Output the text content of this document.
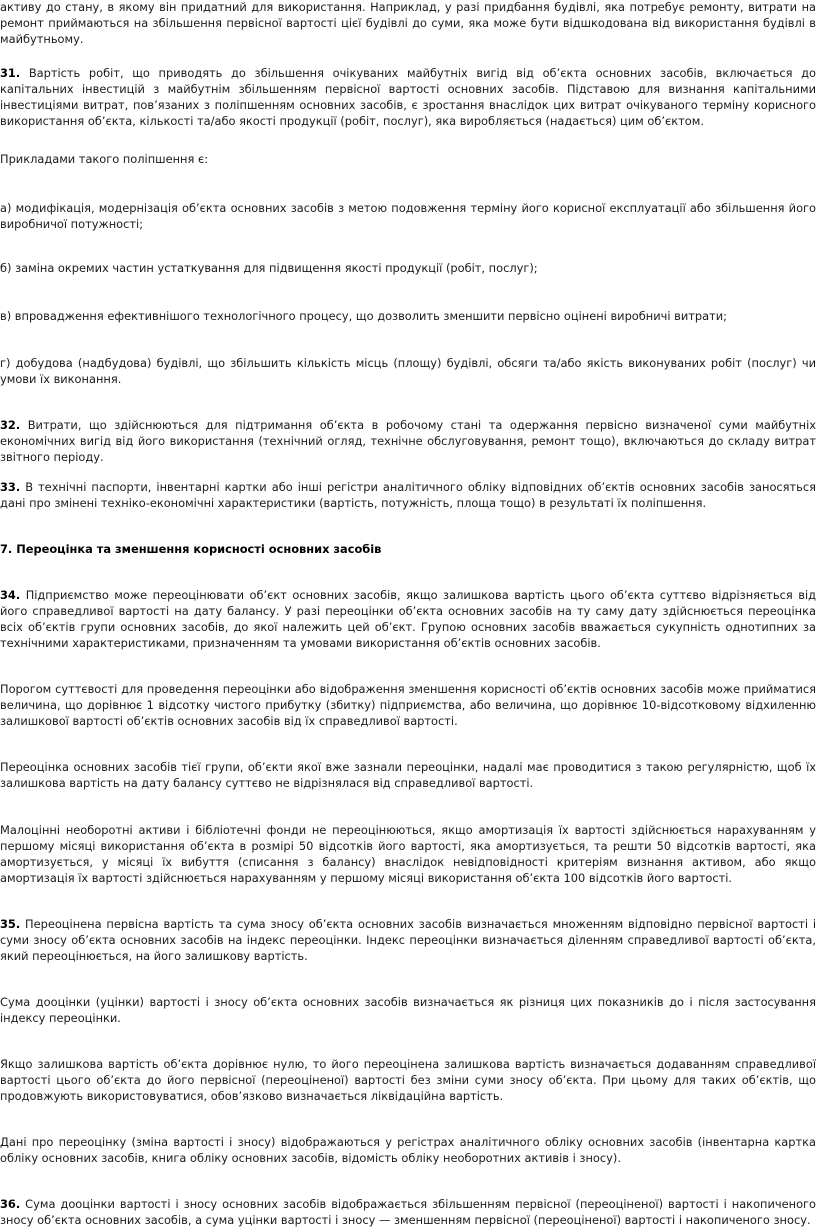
активу до стану, в якому він придатний для використання. Наприклад, у разі придбання будівлі, яка потребує ремонту, витрати на ремонт приймаються на збільшення первісної вартості цієї будівлі до суми, яка може бути відшкодована від використання будівлі в майбутньому.

31. Вартість робіт, що приводять до збільшення очікуваних майбутніх вигід від об’єкта основних засобів, включається до капітальних інвестицій з майбутнім збільшенням первісної вартості основних засобів. Підставою для визнання капітальними інвестиціями витрат, пов’язаних з поліпшенням основних засобів, є зростання внаслідок цих витрат очікуваного терміну корисного використання об’єкта, кількості та/або якості продукції (робіт, послуг), яка виробляється (надається) цим об’єктом.

Прикладами такого поліпшення є:

а) модифікація, модернізація об’єкта основних засобів з метою подовження терміну його корисної експлуатації або збільшення його виробничої потужності;

б) заміна окремих частин устаткування для підвищення якості продукції (робіт, послуг);

в) впровадження ефективнішого технологічного процесу, що дозволить зменшити первісно оцінені виробничі витрати;

г) добудова (надбудова) будівлі, що збільшить кількість місць (площу) будівлі, обсяги та/або якість виконуваних робіт (послуг) чи умови їх виконання.

32. Витрати, що здійснюються для підтримання об’єкта в робочому стані та одержання первісно визначеної суми майбутніх економічних вигід від його використання (технічний огляд, технічне обслуговування, ремонт тощо), включаються до складу витрат звітного періоду.

33. В технічні паспорти, інвентарні картки або інші регістри аналітичного обліку відповідних об’єктів основних засобів заносяться дані про змінені техніко-економічні характеристики (вартість, потужність, площа тощо) в результаті їх поліпшення.

7. Переоцінка та зменшення корисності основних засобів

34. Підприємство може переоцінювати об’єкт основних засобів, якщо залишкова вартість цього об’єкта суттєво відрізняється від його справедливої вартості на дату балансу. У разі переоцінки об’єкта основних засобів на ту саму дату здійснюється переоцінка всіх об’єктів групи основних засобів, до якої належить цей об’єкт. Групою основних засобів вважається сукупність однотипних за технічними характеристиками, призначенням та умовами використання об’єктів основних засобів.

Порогом суттєвості для проведення переоцінки або відображення зменшення корисності об’єктів основних засобів може прийматися величина, що дорівнює 1 відсотку чистого прибутку (збитку) підприємства, або величина, що дорівнює 10-відсотковому відхиленню залишкової вартості об’єктів основних засобів від їх справедливої вартості.

Переоцінка основних засобів тієї групи, об’єкти якої вже зазнали переоцінки, надалі має проводитися з такою регулярністю, щоб їх залишкова вартість на дату балансу суттєво не відрізнялася від справедливої вартості.

Малоцінні необоротні активи і бібліотечні фонди не переоцінюються, якщо амортизація їх вартості здійснюється нарахуванням у першому місяці використання об’єкта в розмірі 50 відсотків його вартості, яка амортизується, та решти 50 відсотків вартості, яка амортизується, у місяці їх вибуття (списання з балансу) внаслідок невідповідності критеріям визнання активом, або якщо амортизація їх вартості здійснюється нарахуванням у першому місяці використання об’єкта 100 відсотків його вартості.

35. Переоцінена первісна вартість та сума зносу об’єкта основних засобів визначається множенням відповідно первісної вартості і суми зносу об’єкта основних засобів на індекс переоцінки. Індекс переоцінки визначається діленням справедливої вартості об’єкта, який переоцінюється, на його залишкову вартість.

Сума дооцінки (уцінки) вартості і зносу об’єкта основних засобів визначається як різниця цих показників до і після застосування індексу переоцінки.

Якщо залишкова вартість об’єкта дорівнює нулю, то його переоцінена залишкова вартість визначається додаванням справедливої вартості цього об’єкта до його первісної (переоціненої) вартості без зміни суми зносу об’єкта. При цьому для таких об’єктів, що продовжують використовуватися, обов’язково визначається ліквідаційна вартість.

Дані про переоцінку (зміна вартості і зносу) відображаються у регістрах аналітичного обліку основних засобів (інвентарна картка обліку основних засобів, книга обліку основних засобів, відомість обліку необоротних активів і зносу).

36. Сума дооцінки вартості і зносу основних засобів відображається збільшенням первісної (переоціненої) вартості і накопиченого зносу об’єкта основних засобів, а сума уцінки вартості і зносу — зменшенням первісної (переоціненої) вартості і накопиченого зносу.
